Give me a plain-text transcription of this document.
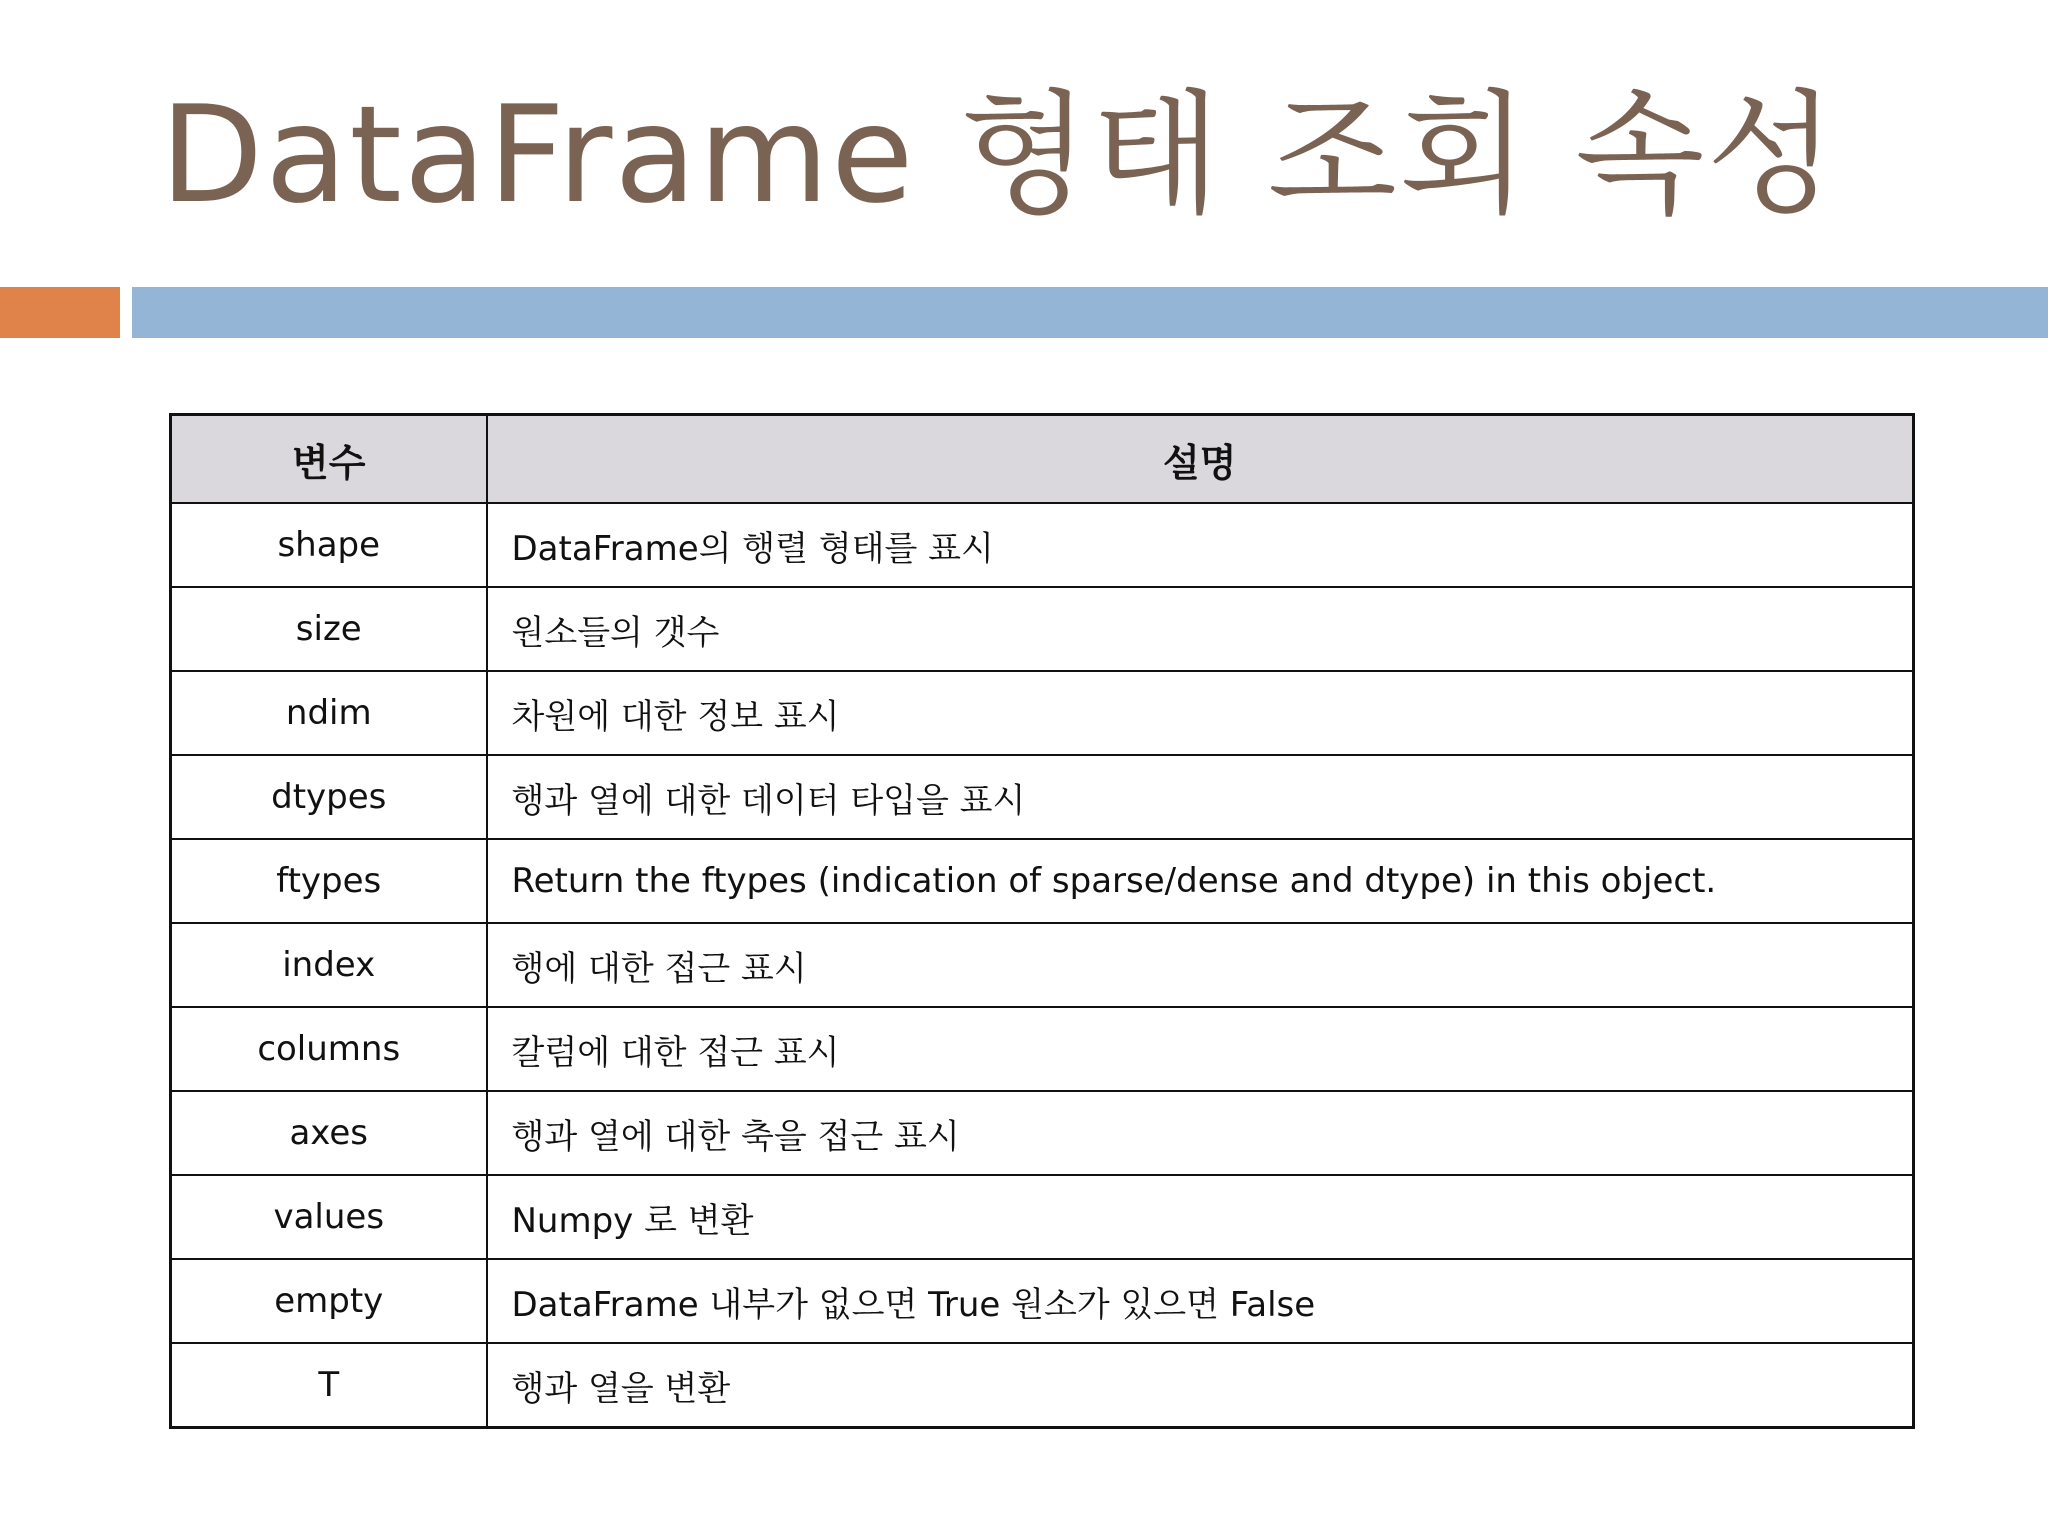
DataFrame 형태 조회 속성
변수	설명
shape	DataFrame의 행렬 형태를 표시
size	원소들의 갯수
ndim	차원에 대한 정보 표시
dtypes	행과 열에 대한 데이터 타입을 표시
ftypes	Return the ftypes (indication of sparse/dense and dtype) in this object.
index	행에 대한 접근 표시
columns	칼럼에 대한 접근 표시
axes	행과 열에 대한 축을 접근 표시
values	Numpy 로 변환
empty	DataFrame 내부가 없으면 True 원소가 있으면 False
T	행과 열을 변환
